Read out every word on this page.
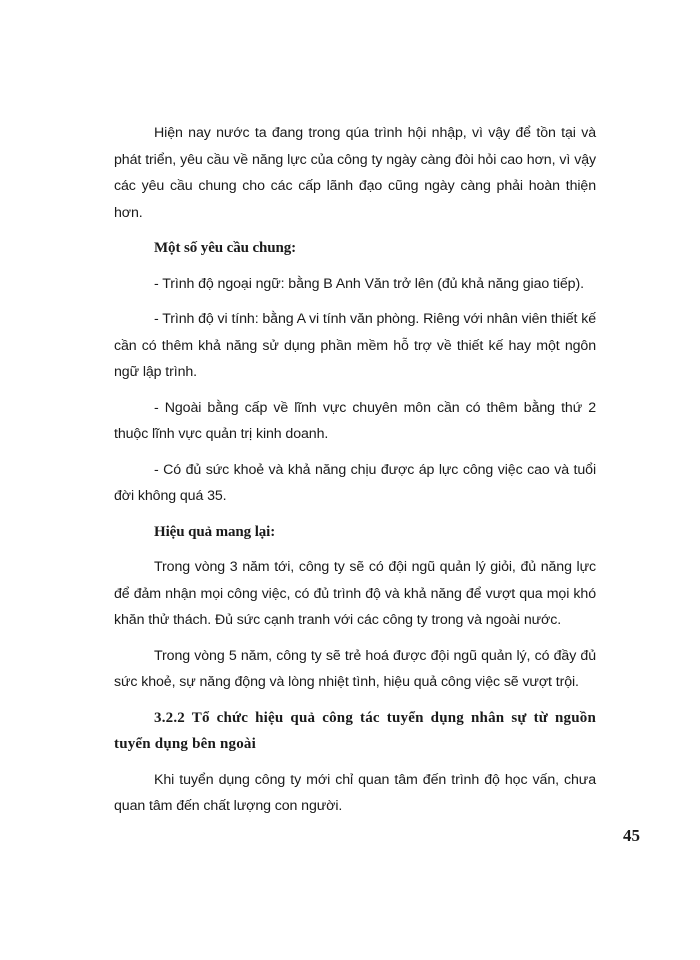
Hiện nay nước ta đang trong qúa trình hội nhập, vì vậy để tồn tại và phát triển, yêu cầu về năng lực của công ty ngày càng đòi hỏi cao hơn, vì vậy các yêu cầu chung cho các cấp lãnh đạo cũng ngày càng phải hoàn thiện hơn.

Một số yêu cầu chung:

- Trình độ ngoại ngữ: bằng B Anh Văn trở lên (đủ khả năng giao tiếp).

- Trình độ vi tính: bằng A vi tính văn phòng. Riêng với nhân viên thiết kế cần có thêm khả năng sử dụng phần mềm hỗ trợ về thiết kế hay một ngôn ngữ lập trình.

- Ngoài bằng cấp về lĩnh vực chuyên môn cần có thêm bằng thứ 2 thuộc lĩnh vực quản trị kinh doanh.

- Có đủ sức khoẻ và khả năng chịu được áp lực công việc cao và tuổi đời không quá 35.

Hiệu quả mang lại:

Trong vòng 3 năm tới, công ty sẽ có đội ngũ quản lý giỏi, đủ năng lực để đảm nhận mọi công việc, có đủ trình độ và khả năng để vượt qua mọi khó khăn thử thách. Đủ sức cạnh tranh với các công ty trong và ngoài nước.

Trong vòng 5 năm, công ty sẽ trẻ hoá được đội ngũ quản lý, có đầy đủ sức khoẻ, sự năng động và lòng nhiệt tình, hiệu quả công việc sẽ vượt trội.

3.2.2 Tổ chức hiệu quả công tác tuyển dụng nhân sự từ nguồn tuyển dụng bên ngoài

Khi tuyển dụng công ty mới chỉ quan tâm đến trình độ học vấn, chưa quan tâm đến chất lượng con người.

45
